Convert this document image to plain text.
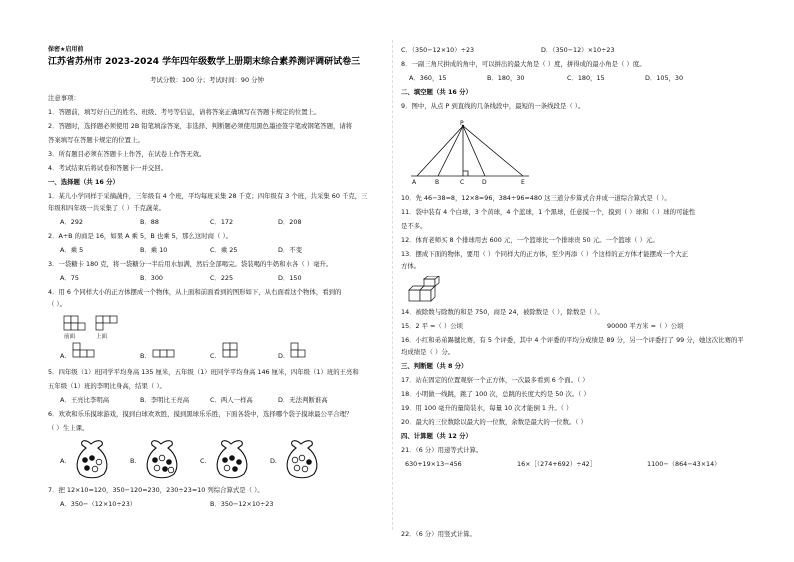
保密★启用前
江苏省苏州市 2023-2024 学年四年级数学上册期末综合素养测评调研试卷三
考试分数：100 分；考试时间：90 分钟
注意事项：
1．答题前，填写好自己的姓名、班级、考号等信息，请将答案正确填写在答题卡规定的位置上。
2．答题时，选择题必须使用 2B 铅笔填涂答案，非选择、判断题必须使用黑色墨迹签字笔或钢笔答题，请将
答案填写在答题卡规定的位置上。
3．所有题目必须在答题卡上作答，在试卷上作答无效。
4．考试结束后将试卷和答题卡一并交回。
一、选择题（共 16 分）
1．某儿小学同样于采摘蔬件，三年级有 4 个班，平均每班采集 28 千克；四年级有 3 个班，共采集 60 千克，三
年级和四年级一共采集了（ ）千克蔬菜。
A．292	B．88	C．172	D．208
2．A÷B 的商是 16，如果 A 乘 5，B 也乘 5，那么这时商（ ）。
A．乘 5	B．乘 10	C．乘 25	D．不变
3．一袋糖卡 180 克，将一袋糖分一半后用水加满，然后全部喝完。袋装喝的牛奶和水各（ ）毫升。
A．75	B．300	C．225	D．150
4．用 6 个同样大小的正方体摆成一个物体，从上面和前面看到的图形如下，从右面看这个物体，看到的
（ ）。
前面	上面
A.	B.	C.	D.
5．四年级（1）班同学平均身高 135 厘米，五年级（1）班同学平均身高 146 厘米，四年级（1）班的王亮和
五年级（1）班的李明比身高，结果（ ）。
A．王亮比李明高	B．李明比王亮高	C．两人一样高	D．无法判断谁高
6．欢欢和乐乐摸球游戏，摸到白球欢欢胜，摸到黑球乐乐胜，下面各袋中，选择哪个袋子摸球最公平合理？
（ ）生上课。
A.	B.	C.	D.
7．把 12×10=120，350−120=230，230÷23=10 列综合算式是（ ）。
A．350−（12×10÷23）	B．350−12×10÷23
C．（350−12×10）÷23	D．（350−12）×10÷23
8．一副三角尺拼成的角中，可以拼出的最大角是（ ）度，拼得成的最小角是（ ）度。
A．360，15	B．180，30	C．180，15	D．105，30
二、填空题（共 16 分）
9．图中，从点 P 到直线的几条线段中，最短的一条线段是（ ）。
P
A	B	C	D	E
10．先 46−38=8，12×8=96，384÷96=480 这三道分步算式合并成一道综合算式是（ ）。
11．袋中装有 4 个白球，3 个黄球，4 个蓝球，1 个黑球，任意摸一个，摸到（ ）球和（ ）球的可能性
是不多。
12．体育老师买 8 个排球用去 600 元，一个篮球比一个排球贵 50 元。一个篮球（ ）元。
13．摆成下面的物体，要用（ ）个同样大的正方体，至少再添（ ）个这样的正方体才能摆成一个大正
方体。
14．被除数与除数的和是 750，商是 24，被除数是（ ），除数是（ ）。
15．2 平 =（ ）公顷	90000 平方米 =（ ）公顷
16．小红和弟弟踢毽比赛，有 5 个评委，其中 4 个评委的平均分成绩是 89 分，另一个评委打了 99 分，她这次比赛的平
均成绩是（ ）分。
三、判断题（共 8 分）
17．站在固定的位置观察一个正方体，一次最多看到 6 个面。（ ）
18．小明做一线跳，跳了 100 次，总跳的长度大约是 50 次。（ ）
19．用 100 毫升的量筒装水，每量 10 次才能倒 1 升。（ ）
20．最大的三位数除以最大的一位数，余数是最大的一位数。（ ）
四、计算题（共 12 分）
21．（6 分）用递等式计算。
630+19×13−456	16×［（274+692）÷42］	1100−（864−43×14）
22．（6 分）用竖式计算。
